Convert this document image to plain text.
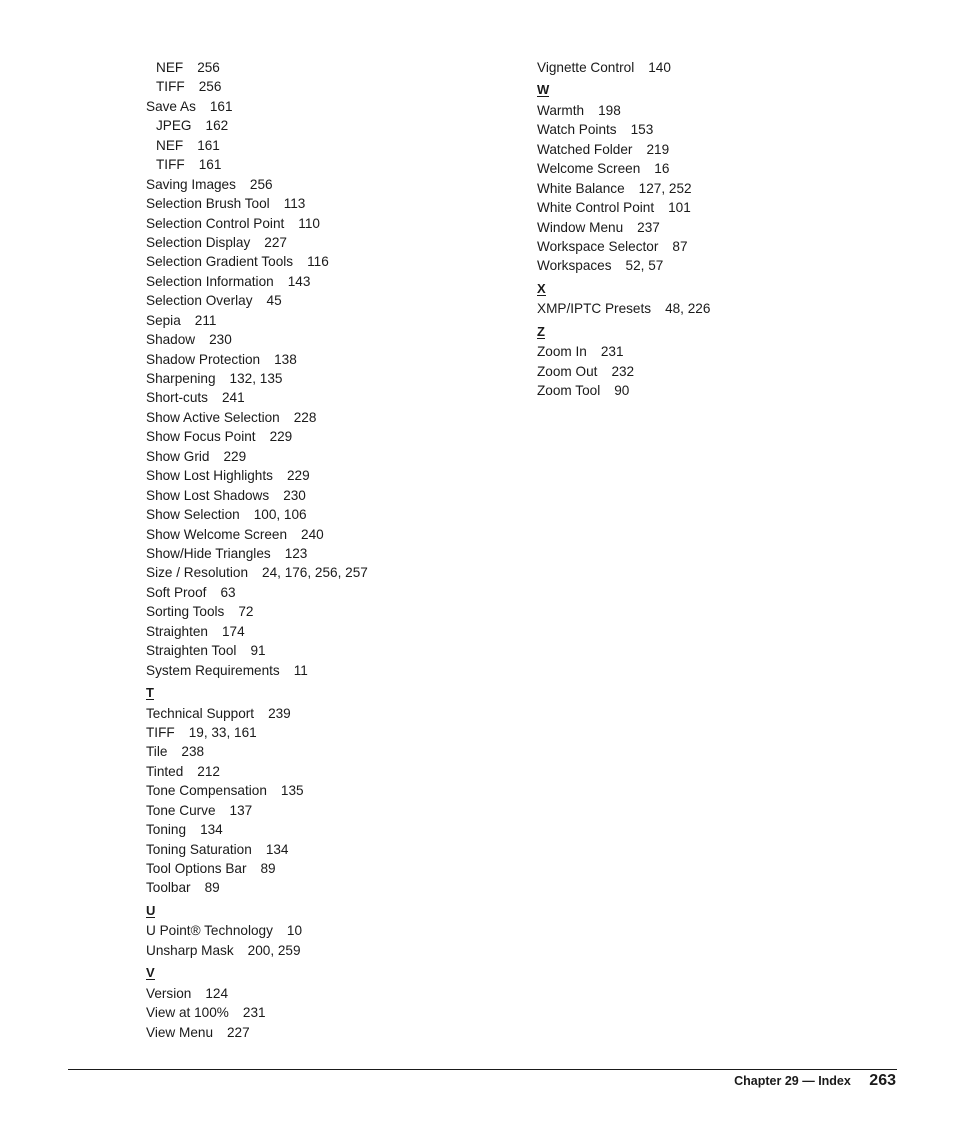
NEF 256
TIFF 256
Save As 161
JPEG 162
NEF 161
TIFF 161
Saving Images 256
Selection Brush Tool 113
Selection Control Point 110
Selection Display 227
Selection Gradient Tools 116
Selection Information 143
Selection Overlay 45
Sepia 211
Shadow 230
Shadow Protection 138
Sharpening 132, 135
Short-cuts 241
Show Active Selection 228
Show Focus Point 229
Show Grid 229
Show Lost Highlights 229
Show Lost Shadows 230
Show Selection 100, 106
Show Welcome Screen 240
Show/Hide Triangles 123
Size / Resolution 24, 176, 256, 257
Soft Proof 63
Sorting Tools 72
Straighten 174
Straighten Tool 91
System Requirements 11
T
Technical Support 239
TIFF 19, 33, 161
Tile 238
Tinted 212
Tone Compensation 135
Tone Curve 137
Toning 134
Toning Saturation 134
Tool Options Bar 89
Toolbar 89
U
U Point® Technology 10
Unsharp Mask 200, 259
V
Version 124
View at 100% 231
View Menu 227
Vignette Control 140
W
Warmth 198
Watch Points 153
Watched Folder 219
Welcome Screen 16
White Balance 127, 252
White Control Point 101
Window Menu 237
Workspace Selector 87
Workspaces 52, 57
X
XMP/IPTC Presets 48, 226
Z
Zoom In 231
Zoom Out 232
Zoom Tool 90
Chapter 29 — Index 263
